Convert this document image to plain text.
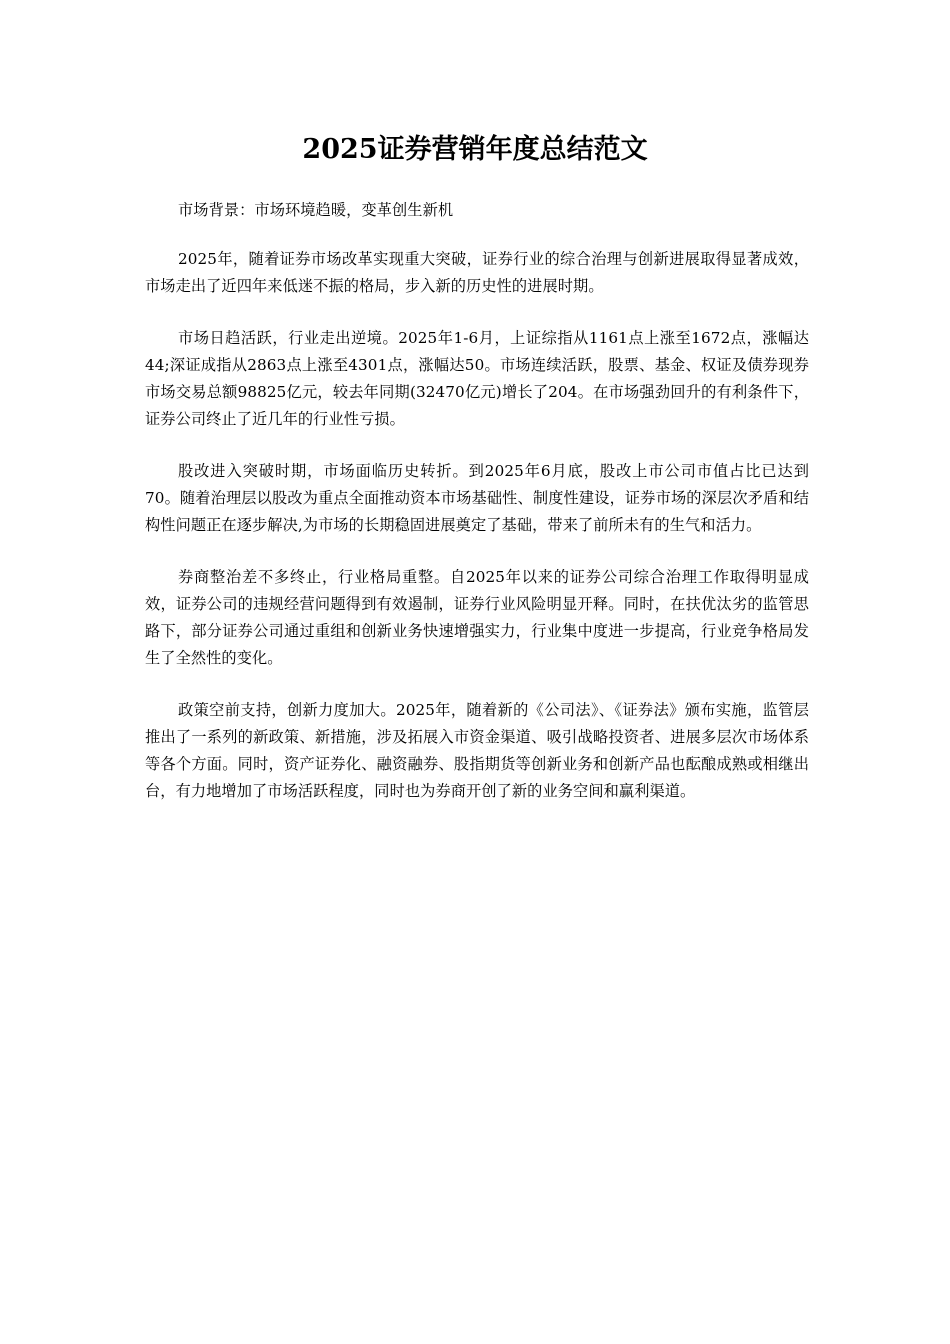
2025证券营销年度总结范文

市场背景：市场环境趋暖，变革创生新机

2025年，随着证券市场改革实现重大突破，证券行业的综合治理与创新进展取得显著成效，市场走出了近四年来低迷不振的格局，步入新的历史性的进展时期。

市场日趋活跃，行业走出逆境。2025年1-6月，上证综指从1161点上涨至1672点，涨幅达44;深证成指从2863点上涨至4301点，涨幅达50。市场连续活跃，股票、基金、权证及债券现券市场交易总额98825亿元，较去年同期(32470亿元)增长了204。在市场强劲回升的有利条件下，证券公司终止了近几年的行业性亏损。

股改进入突破时期，市场面临历史转折。到2025年6月底，股改上市公司市值占比已达到70。随着治理层以股改为重点全面推动资本市场基础性、制度性建设，证券市场的深层次矛盾和结构性问题正在逐步解决,为市场的长期稳固进展奠定了基础，带来了前所未有的生气和活力。

券商整治差不多终止，行业格局重整。自2025年以来的证券公司综合治理工作取得明显成效，证券公司的违规经营问题得到有效遏制，证券行业风险明显开释。同时，在扶优汰劣的监管思路下，部分证券公司通过重组和创新业务快速增强实力，行业集中度进一步提高，行业竞争格局发生了全然性的变化。

政策空前支持，创新力度加大。2025年，随着新的《公司法》、《证券法》颁布实施，监管层推出了一系列的新政策、新措施，涉及拓展入市资金渠道、吸引战略投资者、进展多层次市场体系等各个方面。同时，资产证券化、融资融券、股指期货等创新业务和创新产品也酝酿成熟或相继出台，有力地增加了市场活跃程度，同时也为券商开创了新的业务空间和赢利渠道。
